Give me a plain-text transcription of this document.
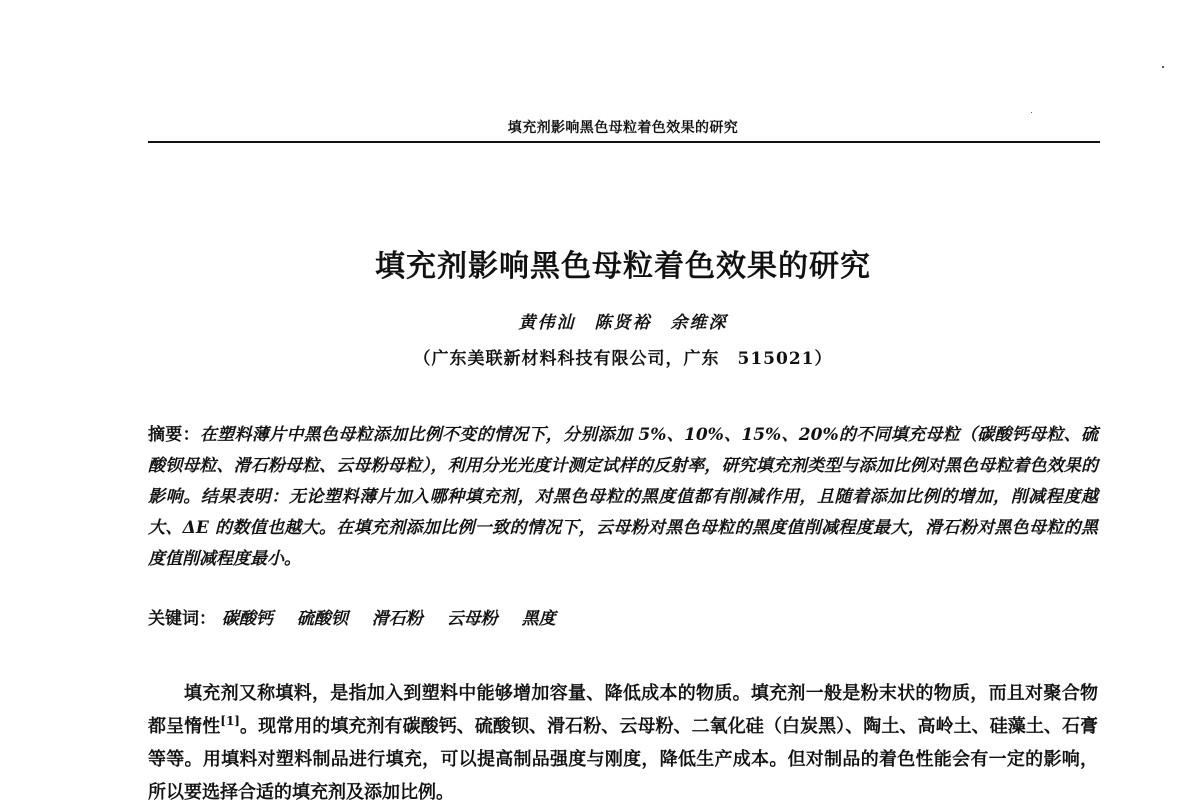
填充剂影响黑色母粒着色效果的研究
填充剂影响黑色母粒着色效果的研究
黄伟汕　陈贤裕　余维深
（广东美联新材料科技有限公司，广东　515021）
摘要：在塑料薄片中黑色母粒添加比例不变的情况下，分别添加 5%、10%、15%、20%的不同填充母粒（碳酸钙母粒、硫酸钡母粒、滑石粉母粒、云母粉母粒），利用分光光度计测定试样的反射率，研究填充剂类型与添加比例对黑色母粒着色效果的影响。结果表明：无论塑料薄片加入哪种填充剂，对黑色母粒的黑度值都有削减作用，且随着添加比例的增加，削减程度越大、ΔE 的数值也越大。在填充剂添加比例一致的情况下，云母粉对黑色母粒的黑度值削减程度最大，滑石粉对黑色母粒的黑度值削减程度最小。
关键词： 碳酸钙 硫酸钡 滑石粉 云母粉 黑度

填充剂又称填料，是指加入到塑料中能够增加容量、降低成本的物质。填充剂一般是粉末状的物质，而且对聚合物都呈惰性[1]。现常用的填充剂有碳酸钙、硫酸钡、滑石粉、云母粉、二氧化硅（白炭黑）、陶土、高岭土、硅藻土、石膏等等。用填料对塑料制品进行填充，可以提高制品强度与刚度，降低生产成本。但对制品的着色性能会有一定的影响，所以要选择合适的填充剂及添加比例。
